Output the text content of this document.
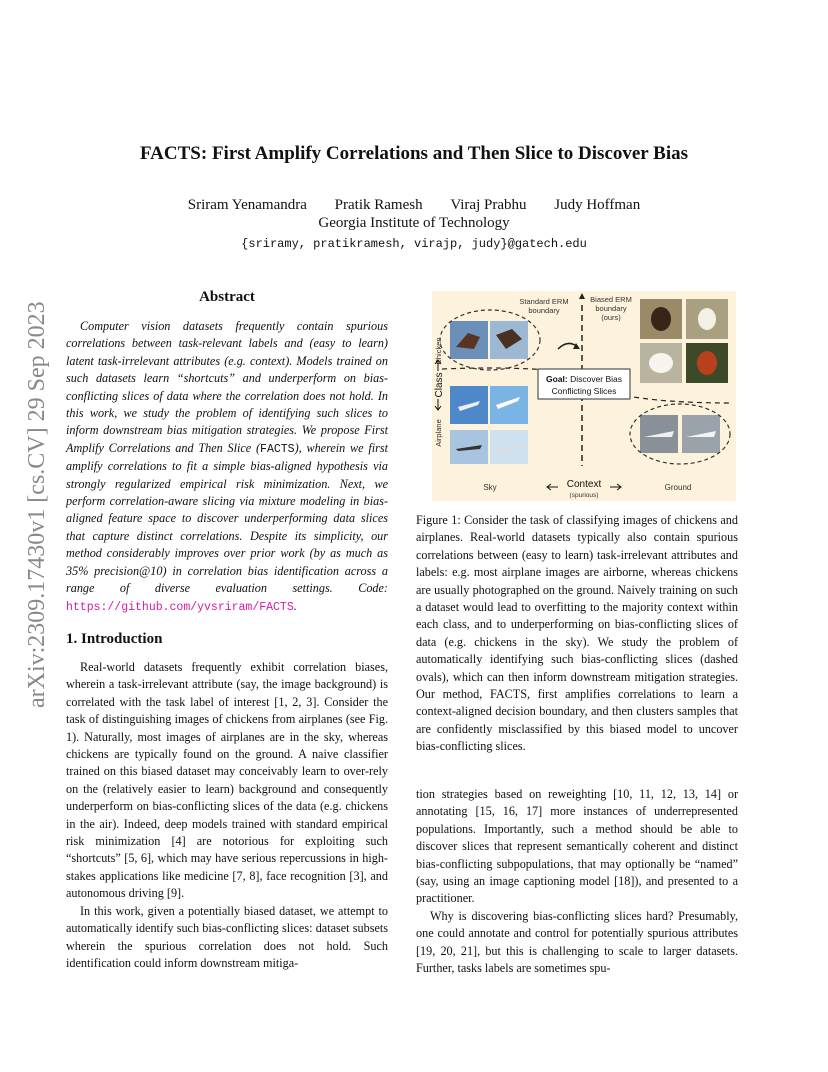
arXiv:2309.17430v1 [cs.CV] 29 Sep 2023
FACTS: First Amplify Correlations and Then Slice to Discover Bias
Sriram Yenamandra Pratik Ramesh Viraj Prabhu Judy Hoffman
Georgia Institute of Technology
{sriramy, pratikramesh, virajp, judy}@gatech.edu
Abstract
Computer vision datasets frequently contain spurious correlations between task-relevant labels and (easy to learn) latent task-irrelevant attributes (e.g. context). Models trained on such datasets learn “shortcuts” and underperform on bias-conflicting slices of data where the correlation does not hold. In this work, we study the problem of identifying such slices to inform downstream bias mitigation strategies. We propose First Amplify Correlations and Then Slice (FACTS), wherein we first amplify correlations to fit a simple bias-aligned hypothesis via strongly regularized empirical risk minimization. Next, we perform correlation-aware slicing via mixture modeling in bias-aligned feature space to discover underperforming data slices that capture distinct correlations. Despite its simplicity, our method considerably improves over prior work (by as much as 35% precision@10) in correlation bias identification across a range of diverse evaluation settings. Code: https://github.com/yvsriram/FACTS.
1. Introduction

Real-world datasets frequently exhibit correlation biases, wherein a task-irrelevant attribute (say, the image background) is correlated with the task label of interest [1, 2, 3]. Consider the task of distinguishing images of chickens from airplanes (see Fig. 1). Naturally, most images of airplanes are in the sky, whereas chickens are typically found on the ground. A naive classifier trained on this biased dataset may conceivably learn to over-rely on the (relatively easier to learn) background and consequently underperform on bias-conflicting slices of the data (e.g. chickens in the air). Indeed, deep models trained with standard empirical risk minimization [4] are notorious for exploiting such “shortcuts” [5, 6], which may have serious repercussions in high-stakes applications like medicine [7, 8], face recognition [3], and autonomous driving [9].

In this work, given a potentially biased dataset, we attempt to automatically identify such bias-conflicting slices: dataset subsets wherein the spurious correlation does not hold. Such identification could inform downstream mitiga-

Standard ERM
boundary
Biased ERM
boundary
(ours)
Goal: Discover Bias
Conflicting Slices
Chicken
Class
Airplane
Sky	Context
(spurious)
Ground
Figure 1: Consider the task of classifying images of chickens and airplanes. Real-world datasets typically also contain spurious correlations between (easy to learn) task-irrelevant attributes and labels: e.g. most airplane images are airborne, whereas chickens are usually photographed on the ground. Naively training on such a dataset would lead to overfitting to the majority context within each class, and to underperforming on bias-conflicting slices of data (e.g. chickens in the sky). We study the problem of automatically identifying such bias-conflicting slices (dashed ovals), which can then inform downstream mitigation strategies. Our method, FACTS, first amplifies correlations to learn a context-aligned decision boundary, and then clusters samples that are confidently misclassified by this biased model to uncover bias-conflicting slices.

tion strategies based on reweighting [10, 11, 12, 13, 14] or annotating [15, 16, 17] more instances of underrepresented populations. Importantly, such a method should be able to discover slices that represent semantically coherent and distinct bias-conflicting subpopulations, that may optionally be “named” (say, using an image captioning model [18]), and presented to a practitioner.

Why is discovering bias-conflicting slices hard? Presumably, one could annotate and control for potentially spurious attributes [19, 20, 21], but this is challenging to scale to larger datasets. Further, tasks labels are sometimes spu-
